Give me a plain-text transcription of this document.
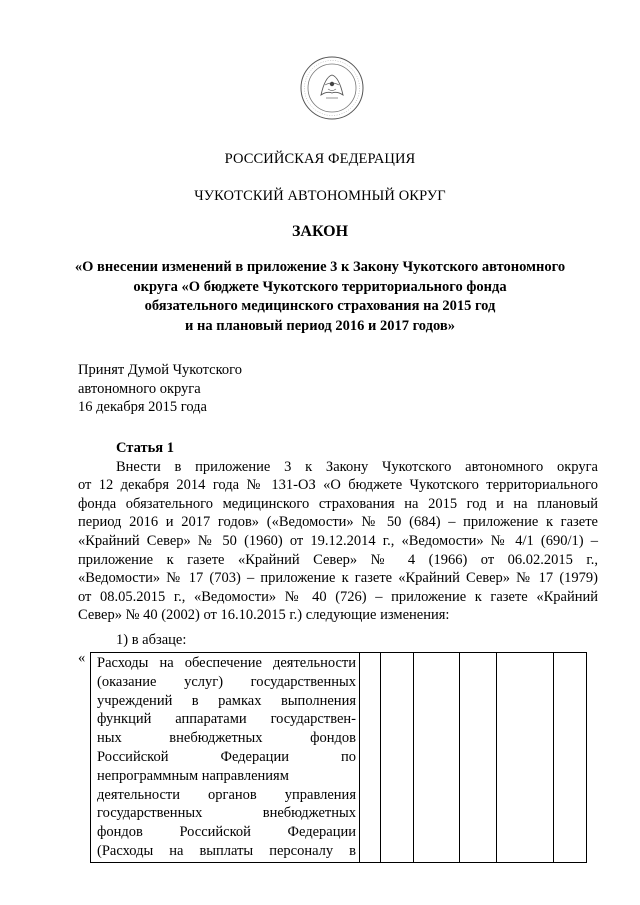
РОССИЙСКАЯ ФЕДЕРАЦИЯ
ЧУКОТСКИЙ АВТОНОМНЫЙ ОКРУГ
ЗАКОН
«О внесении изменений в приложение 3 к Закону Чукотского автономного
округа «О бюджете Чукотского территориального фонда
обязательного медицинского страхования на 2015 год
и на плановый период 2016 и 2017 годов»
Принят Думой Чукотского
автономного округа
16 декабря 2015 года
Статья 1
Внести в приложение 3 к Закону Чукотского автономного округа
от 12 декабря 2014 года № 131-ОЗ «О бюджете Чукотского территориального
фонда обязательного медицинского страхования на 2015 год и на плановый
период 2016 и 2017 годов» («Ведомости» № 50 (684) – приложение к газете
«Крайний Север» № 50 (1960) от 19.12.2014 г., «Ведомости» № 4/1 (690/1) –
приложение к газете «Крайний Север» № 4 (1966) от 06.02.2015 г.,
«Ведомости» № 17 (703) – приложение к газете «Крайний Север» № 17 (1979)
от 08.05.2015 г., «Ведомости» № 40 (726) – приложение к газете «Крайний
Север» № 40 (2002) от 16.10.2015 г.) следующие изменения:
1) в абзаце:
« Расходы на обеспечение деятельности
(оказание услуг) государственных
учреждений в рамках выполнения
функций аппаратами государствен-
ных внебюджетных фондов
Российской Федерации по
непрограммным направлениям
деятельности органов управления
государственных внебюджетных
фондов Российской Федерации
(Расходы на выплаты персоналу в
